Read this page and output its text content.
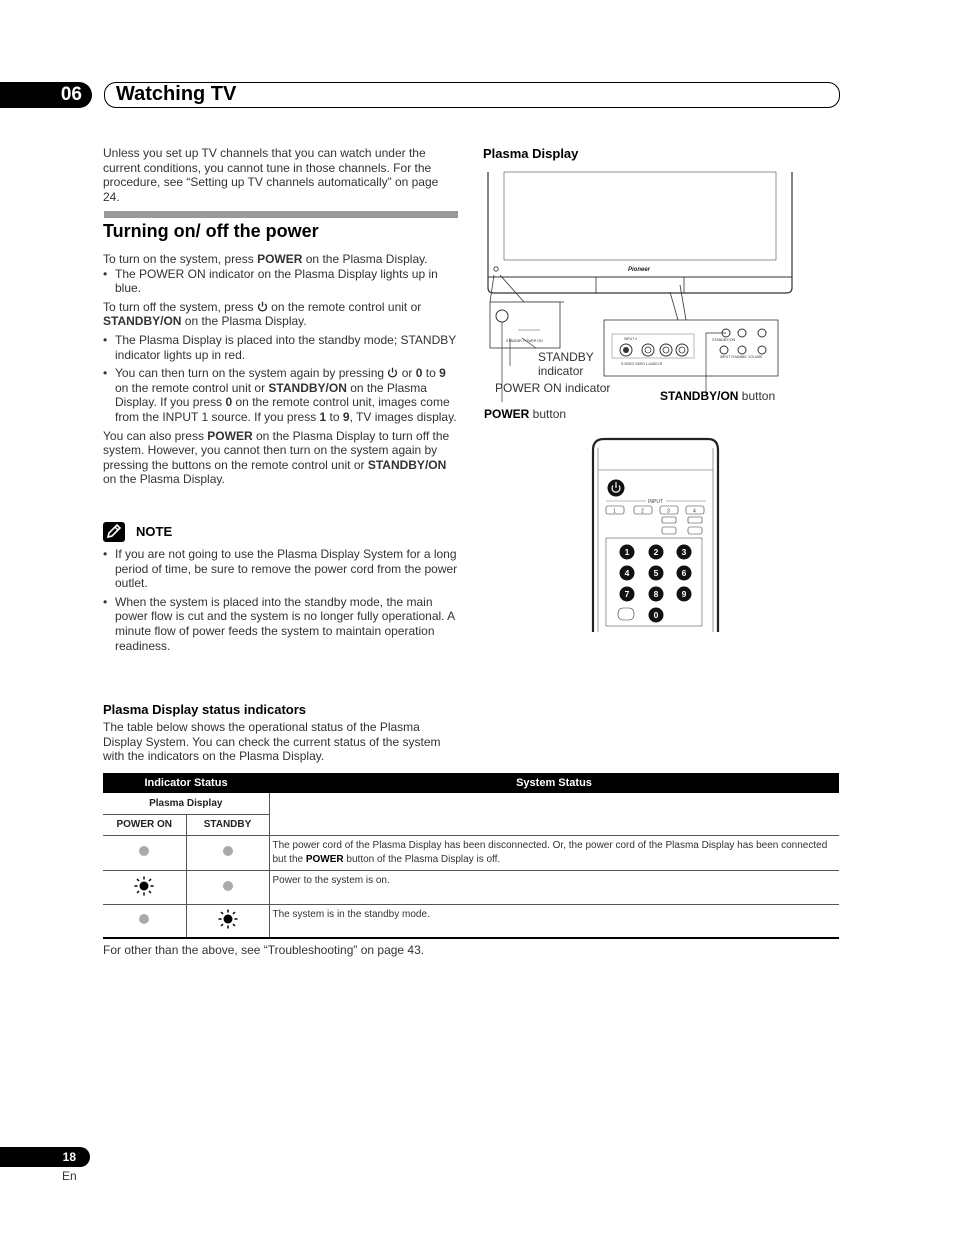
06	Watching TV

Unless you set up TV channels that you can watch under the current conditions, you cannot tune in those channels. For the procedure, see “Setting up TV channels automatically” on page 24.

Turning on/ off the power

To turn on the system, press POWER on the Plasma Display.

• The POWER ON indicator on the Plasma Display lights up in blue.

To turn off the system, press  on the remote control unit or STANDBY/ON on the Plasma Display.

• The Plasma Display is placed into the standby mode; STANDBY indicator lights up in red.
• You can then turn on the system again by pressing  or 0 to 9 on the remote control unit or STANDBY/ON on the Plasma Display. If you press 0 on the remote control unit, images come from the INPUT 1 source. If you press 1 to 9, TV images display.

You can also press POWER on the Plasma Display to turn off the system. However, you cannot then turn on the system again by pressing the buttons on the remote control unit or STANDBY/ON on the Plasma Display.

NOTE
• If you are not going to use the Plasma Display System for a long period of time, be sure to remove the power cord from the power outlet.
• When the system is placed into the standby mode, the main power flow is cut and the system is no longer fully operational. A minute flow of power feeds the system to maintain operation readiness.
Plasma Display
Pioneer
STANDBY POWER ON	STANDBY/ON
INPUT CHANNEL VOLUME
INPUT 4
S-VIDEO VIDEO L-AUDIO-R
STANDBY
indicator
POWER ON indicator
POWER button
STANDBY/ON button
INPUT
1	2	3	4
1	2	3
4	5	6
7	8	9
0
Plasma Display status indicators

The table below shows the operational status of the Plasma Display System. You can check the current status of the system with the indicators on the Plasma Display.

Indicator Status		System Status
Plasma Display		
POWER ON	STANDBY	
		The power cord of the Plasma Display has been disconnected. Or, the power cord of the Plasma Display has been connected but the POWER button of the Plasma Display is off.
		Power to the system is on.
		The system is in the standby mode.

For other than the above, see “Troubleshooting” on page 43.

18
En
